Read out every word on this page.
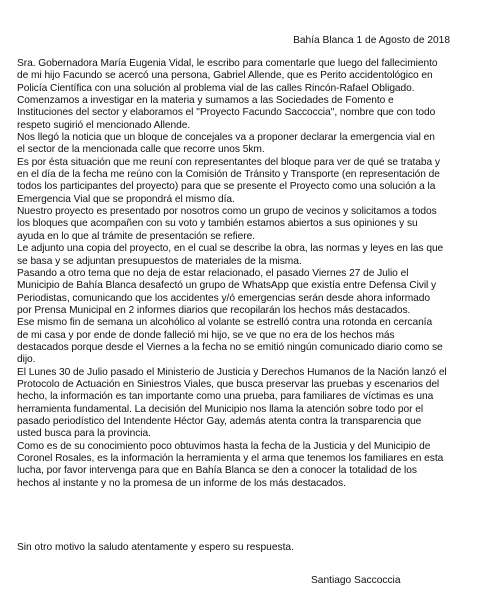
Bahía Blanca 1 de Agosto de 2018

Sra. Gobernadora María Eugenia Vidal, le escribo para comentarle que luego del fallecimiento

de mi hijo Facundo se acercó una persona, Gabriel Allende, que es Perito accidentológico en

Policía Científica con una solución al problema vial de las calles Rincón-Rafael Obligado.

Comenzamos a investigar en la materia y sumamos a las Sociedades de Fomento e

Instituciones del sector y elaboramos el ''Proyecto Facundo Saccoccia'', nombre que con todo

respeto sugirió el mencionado Allende.

Nos llegó la noticia que un bloque de concejales va a proponer declarar la emergencia vial en

el sector de la mencionada calle que recorre unos 5km.

Es por ésta situación que me reuní con representantes del bloque para ver de qué se trataba y

en el día de la fecha me reúno con la Comisión de Tránsito y Transporte (en representación de

todos los participantes del proyecto) para que se presente el Proyecto como una solución a la

Emergencia Vial que se propondrá el mismo día.

Nuestro proyecto es presentado por nosotros como un grupo de vecinos y solicitamos a todos

los bloques que acompañen con su voto y también estamos abiertos a sus opiniones y su

ayuda en lo que al trámite de presentación se refiere.

Le adjunto una copia del proyecto, en el cual se describe la obra, las normas y leyes en las que

se basa y se adjuntan presupuestos de materiales de la misma.

Pasando a otro tema que no deja de estar relacionado, el pasado Viernes 27 de Julio el

Municipio de Bahía Blanca desafectó un grupo de WhatsApp que existía entre Defensa Civil y

Periodistas, comunicando que los accidentes y/ó emergencias serán desde ahora informado

por Prensa Municipal en 2 informes diarios que recopilarán los hechos más destacados.

Ese mismo fin de semana un alcohólico al volante se estrelló contra una rotonda en cercanía

de mi casa y por ende de donde falleció mi hijo, se ve que no era de los hechos más

destacados porque desde el Viernes a la fecha no se emitió ningún comunicado diario como se

dijo.

El Lunes 30 de Julio pasado el Ministerio de Justicia y Derechos Humanos de la Nación lanzó el

Protocolo de Actuación en Siniestros Viales, que busca preservar las pruebas y escenarios del

hecho, la información es tan importante como una prueba, para familiares de víctimas es una

herramienta fundamental. La decisión del Municipio nos llama la atención sobre todo por el

pasado periodístico del Intendente Héctor Gay, además atenta contra la transparencia que

usted busca para la provincia.

Como es de su conocimiento poco obtuvimos hasta la fecha de la Justicia y del Municipio de

Coronel Rosales, es la información la herramienta y el arma que tenemos los familiares en esta

lucha, por favor intervenga para que en Bahía Blanca se den a conocer la totalidad de los

hechos al instante y no la promesa de un informe de los más destacados.

Sin otro motivo la saludo atentamente y espero su respuesta.
Santiago Saccoccia
